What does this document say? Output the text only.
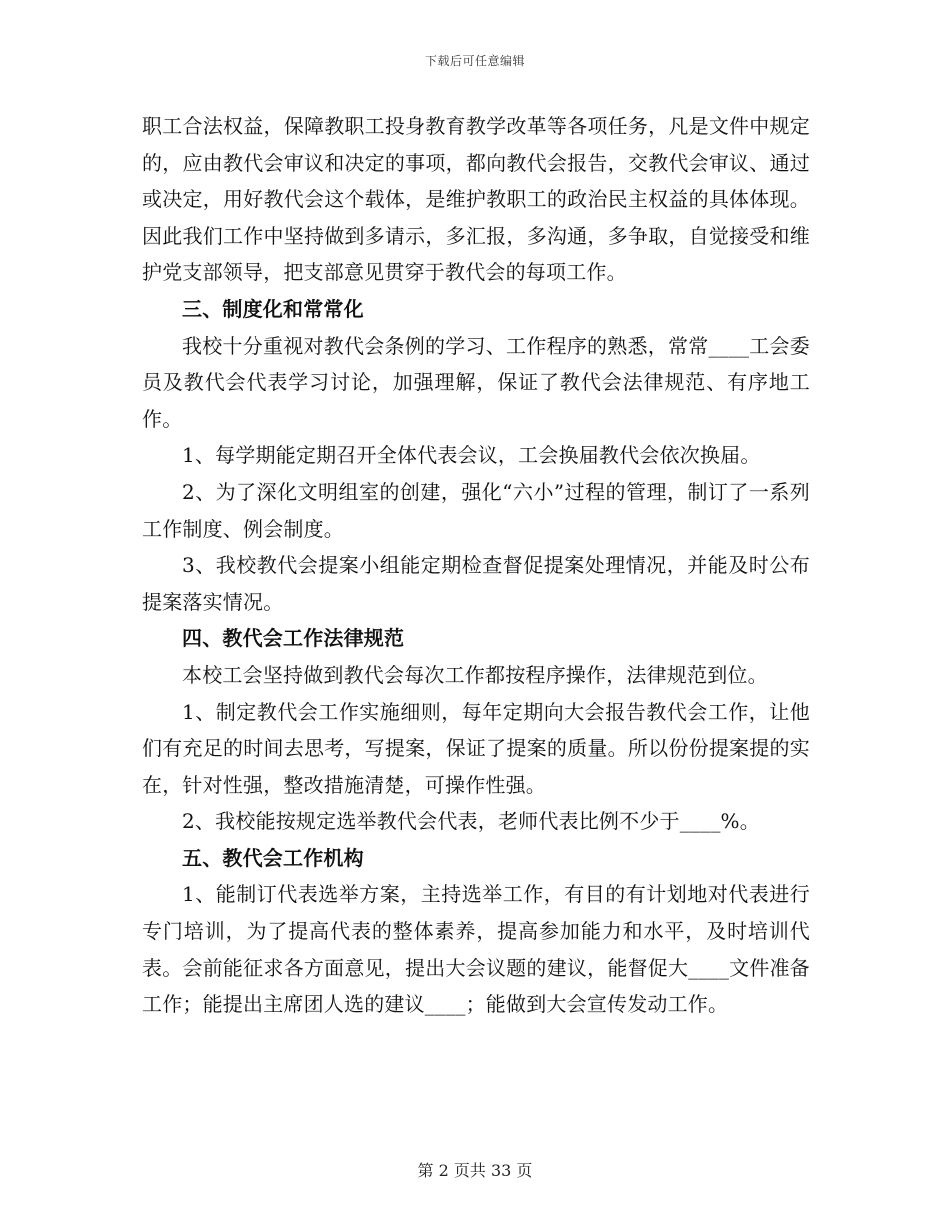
下载后可任意编辑

职工合法权益，保障教职工投身教育教学改革等各项任务，凡是文件中规定的，应由教代会审议和决定的事项，都向教代会报告，交教代会审议、通过或决定，用好教代会这个载体，是维护教职工的政治民主权益的具体体现。因此我们工作中坚持做到多请示，多汇报，多沟通，多争取，自觉接受和维护党支部领导，把支部意见贯穿于教代会的每项工作。

三、制度化和常常化

我校十分重视对教代会条例的学习、工作程序的熟悉，常常____工会委员及教代会代表学习讨论，加强理解，保证了教代会法律规范、有序地工作。

1、每学期能定期召开全体代表会议，工会换届教代会依次换届。

2、为了深化文明组室的创建，强化“六小”过程的管理，制订了一系列工作制度、例会制度。

3、我校教代会提案小组能定期检查督促提案处理情况，并能及时公布提案落实情况。

四、教代会工作法律规范

本校工会坚持做到教代会每次工作都按程序操作，法律规范到位。

1、制定教代会工作实施细则，每年定期向大会报告教代会工作，让他们有充足的时间去思考，写提案，保证了提案的质量。所以份份提案提的实在，针对性强，整改措施清楚，可操作性强。

2、我校能按规定选举教代会代表，老师代表比例不少于____%。

五、教代会工作机构

1、能制订代表选举方案，主持选举工作，有目的有计划地对代表进行专门培训，为了提高代表的整体素养，提高参加能力和水平，及时培训代表。会前能征求各方面意见，提出大会议题的建议，能督促大____文件准备工作；能提出主席团人选的建议____；能做到大会宣传发动工作。

第 2 页共 33 页
